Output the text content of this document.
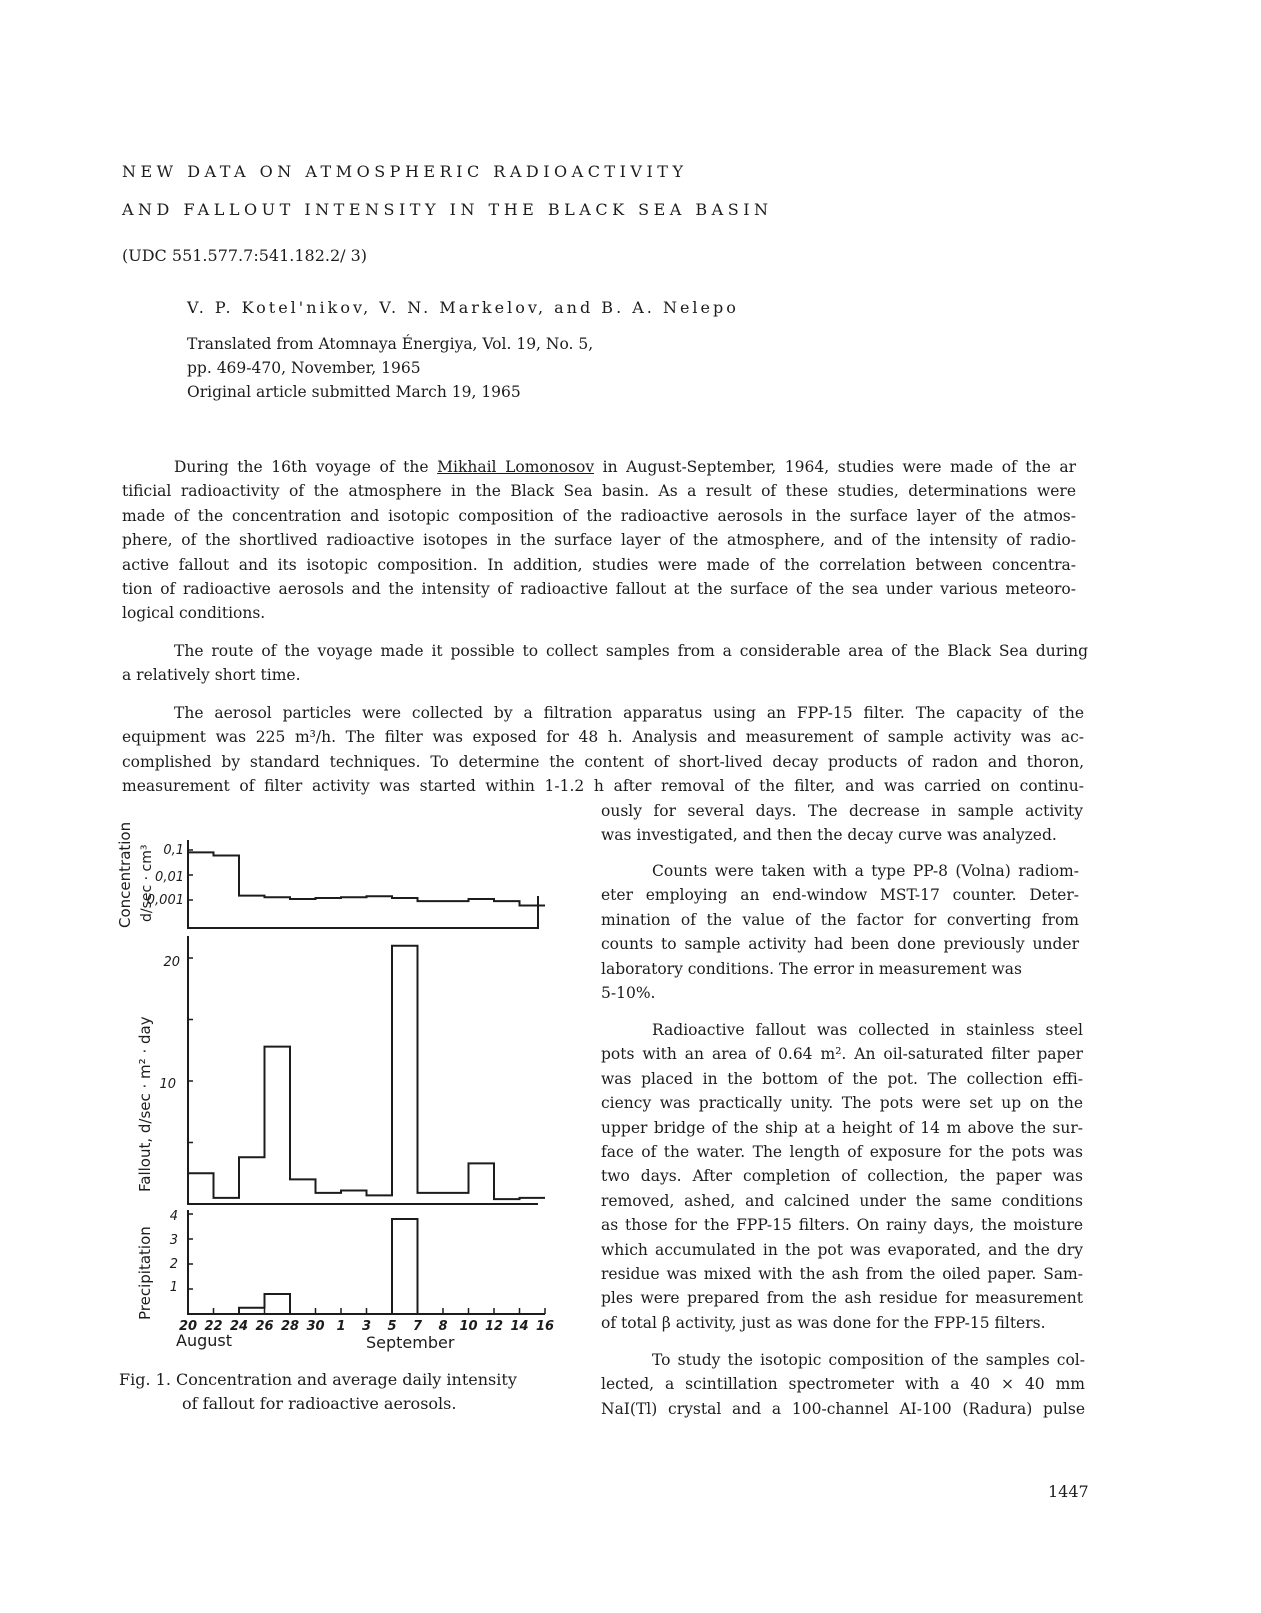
NEW DATA ON ATMOSPHERIC RADIOACTIVITY
AND FALLOUT INTENSITY IN THE BLACK SEA BASIN
(UDC 551.577.7:541.182.2/ 3)
V. P. Kotel'nikov, V. N. Markelov, and B. A. Nelepo
Translated from Atomnaya Énergiya, Vol. 19, No. 5,
pp. 469-470, November, 1965
Original article submitted March 19, 1965
During the 16th voyage of the Mikhail Lomonosov in August-September, 1964, studies were made of the ar
tificial radioactivity of the atmosphere in the Black Sea basin. As a result of these studies, determinations were
made of the concentration and isotopic composition of the radioactive aerosols in the surface layer of the atmos-
phere, of the shortlived radioactive isotopes in the surface layer of the atmosphere, and of the intensity of radio-
active fallout and its isotopic composition. In addition, studies were made of the correlation between concentra-
tion of radioactive aerosols and the intensity of radioactive fallout at the surface of the sea under various meteoro-
logical conditions.
The route of the voyage made it possible to collect samples from a considerable area of the Black Sea during
a relatively short time.
The aerosol particles were collected by a filtration apparatus using an FPP-15 filter. The capacity of the
equipment was 225 m³/h. The filter was exposed for 48 h. Analysis and measurement of sample activity was ac-
complished by standard techniques. To determine the content of short-lived decay products of radon and thoron,
measurement of filter activity was started within 1-1.2 h after removal of the filter, and was carried on continu-
ously for several days. The decrease in sample activity
was investigated, and then the decay curve was analyzed.
Counts were taken with a type PP-8 (Volna) radiom-
eter employing an end-window MST-17 counter. Deter-
mination of the value of the factor for converting from
counts to sample activity had been done previously under
laboratory conditions. The error in measurement was
5-10%.
Radioactive fallout was collected in stainless steel
pots with an area of 0.64 m². An oil-saturated filter paper
was placed in the bottom of the pot. The collection effi-
ciency was practically unity. The pots were set up on the
upper bridge of the ship at a height of 14 m above the sur-
face of the water. The length of exposure for the pots was
two days. After completion of collection, the paper was
removed, ashed, and calcined under the same conditions
as those for the FPP-15 filters. On rainy days, the moisture
which accumulated in the pot was evaporated, and the dry
residue was mixed with the ash from the oiled paper. Sam-
ples were prepared from the ash residue for measurement
of total β activity, just as was done for the FPP-15 filters.
To study the isotopic composition of the samples col-
lected, a scintillation spectrometer with a 40 × 40 mm
NaI(Tl) crystal and a 100-channel AI-100 (Radura) pulse
0,1
0,01
0,001
20
10
4
3
2
1
Concentration d/sec · cm³
Fallout, d/sec · m² · day
Precipitation
20 22 24 26 28 30 1 3 5 7 8 10 12 14 16
August	September
Fig. 1. Concentration and average daily intensity
of fallout for radioactive aerosols.
1447
